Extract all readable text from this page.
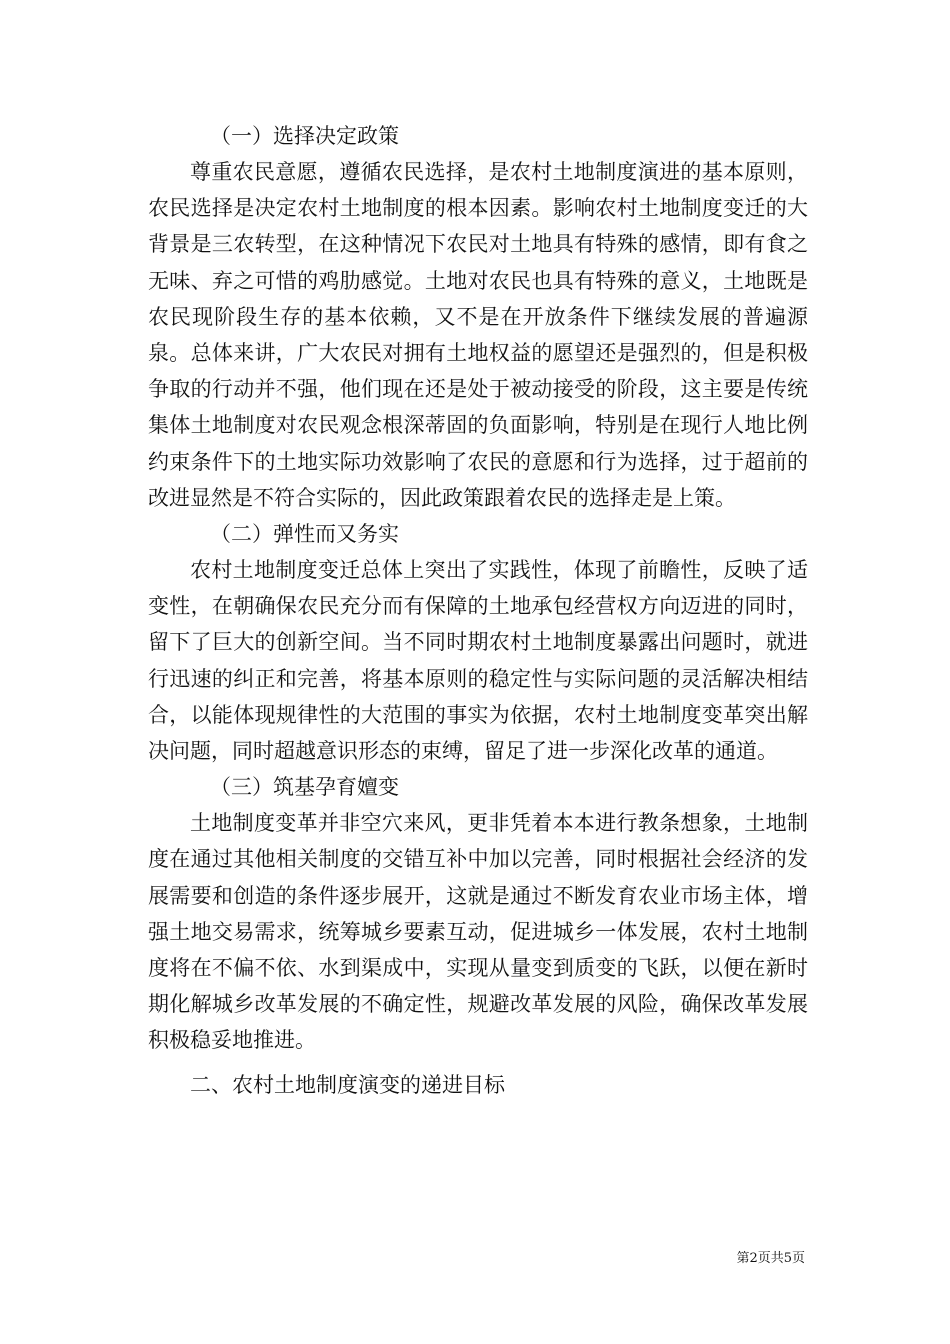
（一）选择决定政策

尊重农民意愿，遵循农民选择，是农村土地制度演进的基本原则，农民选择是决定农村土地制度的根本因素。影响农村土地制度变迁的大背景是三农转型，在这种情况下农民对土地具有特殊的感情，即有食之无味、弃之可惜的鸡肋感觉。土地对农民也具有特殊的意义，土地既是农民现阶段生存的基本依赖，又不是在开放条件下继续发展的普遍源泉。总体来讲，广大农民对拥有土地权益的愿望还是强烈的，但是积极争取的行动并不强，他们现在还是处于被动接受的阶段，这主要是传统集体土地制度对农民观念根深蒂固的负面影响，特别是在现行人地比例约束条件下的土地实际功效影响了农民的意愿和行为选择，过于超前的改进显然是不符合实际的，因此政策跟着农民的选择走是上策。

（二）弹性而又务实

农村土地制度变迁总体上突出了实践性，体现了前瞻性，反映了适变性，在朝确保农民充分而有保障的土地承包经营权方向迈进的同时，留下了巨大的创新空间。当不同时期农村土地制度暴露出问题时，就进行迅速的纠正和完善，将基本原则的稳定性与实际问题的灵活解决相结合，以能体现规律性的大范围的事实为依据，农村土地制度变革突出解决问题，同时超越意识形态的束缚，留足了进一步深化改革的通道。

（三）筑基孕育嬗变

土地制度变革并非空穴来风，更非凭着本本进行教条想象，土地制度在通过其他相关制度的交错互补中加以完善，同时根据社会经济的发展需要和创造的条件逐步展开，这就是通过不断发育农业市场主体，增强土地交易需求，统筹城乡要素互动，促进城乡一体发展，农村土地制度将在不偏不依、水到渠成中，实现从量变到质变的飞跃，以便在新时期化解城乡改革发展的不确定性，规避改革发展的风险，确保改革发展积极稳妥地推进。

二、农村土地制度演变的递进目标

第2页共5页
